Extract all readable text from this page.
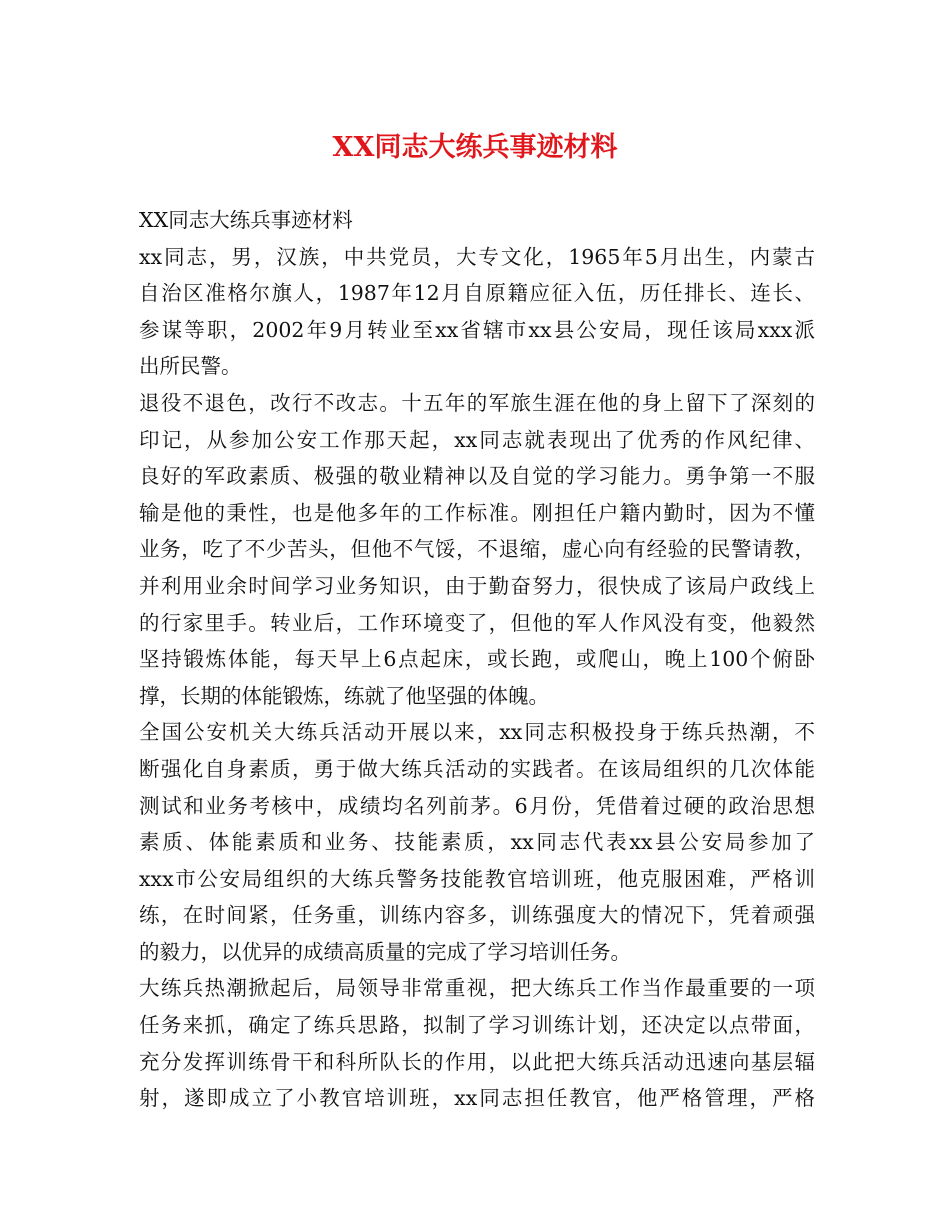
XX同志大练兵事迹材料
XX同志大练兵事迹材料
xx同志，男，汉族，中共党员，大专文化，1965年5月出生，内蒙古
自治区准格尔旗人，1987年12月自原籍应征入伍，历任排长、连长、
参谋等职，2002年9月转业至xx省辖市xx县公安局，现任该局xxx派
出所民警。
退役不退色，改行不改志。十五年的军旅生涯在他的身上留下了深刻的
印记，从参加公安工作那天起，xx同志就表现出了优秀的作风纪律、
良好的军政素质、极强的敬业精神以及自觉的学习能力。勇争第一不服
输是他的秉性，也是他多年的工作标准。刚担任户籍内勤时，因为不懂
业务，吃了不少苦头，但他不气馁，不退缩，虚心向有经验的民警请教，
并利用业余时间学习业务知识，由于勤奋努力，很快成了该局户政线上
的行家里手。转业后，工作环境变了，但他的军人作风没有变，他毅然
坚持锻炼体能，每天早上6点起床，或长跑，或爬山，晚上100个俯卧
撑，长期的体能锻炼，练就了他坚强的体魄。
全国公安机关大练兵活动开展以来，xx同志积极投身于练兵热潮，不
断强化自身素质，勇于做大练兵活动的实践者。在该局组织的几次体能
测试和业务考核中，成绩均名列前茅。6月份，凭借着过硬的政治思想
素质、体能素质和业务、技能素质，xx同志代表xx县公安局参加了
xxx市公安局组织的大练兵警务技能教官培训班，他克服困难，严格训
练，在时间紧，任务重，训练内容多，训练强度大的情况下，凭着顽强
的毅力，以优异的成绩高质量的完成了学习培训任务。
大练兵热潮掀起后，局领导非常重视，把大练兵工作当作最重要的一项
任务来抓，确定了练兵思路，拟制了学习训练计划，还决定以点带面，
充分发挥训练骨干和科所队长的作用，以此把大练兵活动迅速向基层辐
射，遂即成立了小教官培训班，xx同志担任教官，他严格管理，严格
